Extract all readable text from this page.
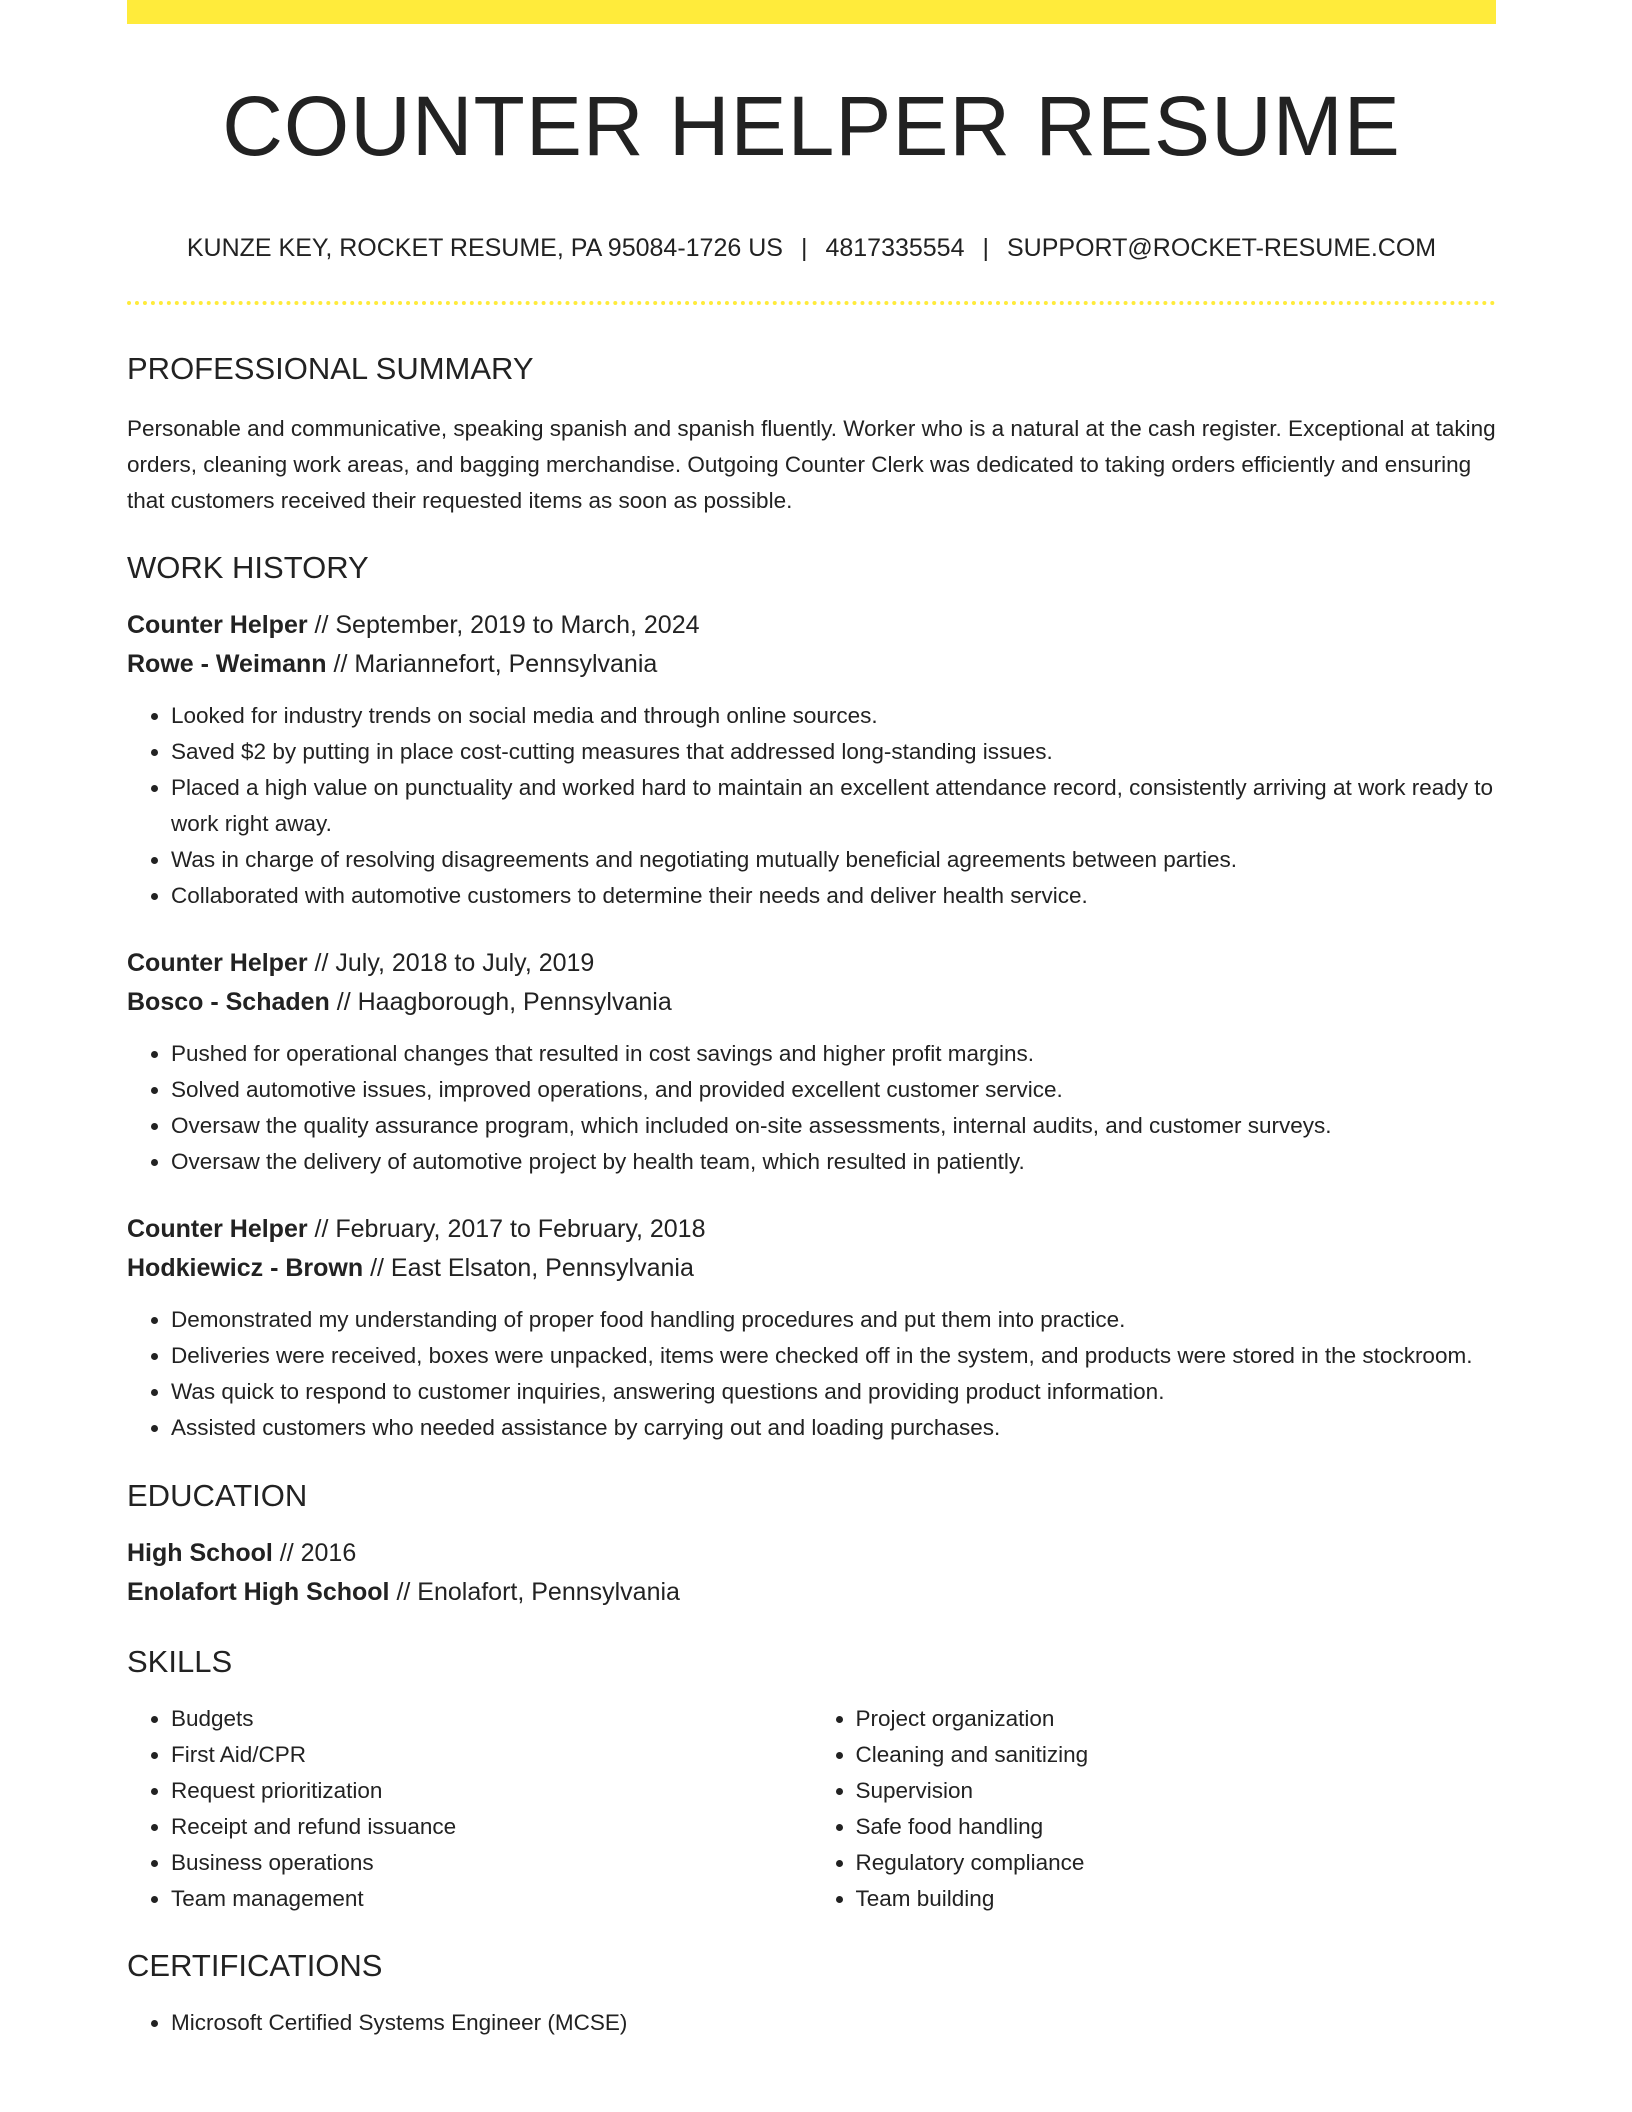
COUNTER HELPER RESUME
KUNZE KEY, ROCKET RESUME, PA 95084-1726 US | 4817335554 | SUPPORT@ROCKET-RESUME.COM
PROFESSIONAL SUMMARY

Personable and communicative, speaking spanish and spanish fluently. Worker who is a natural at the cash register. Exceptional at taking orders, cleaning work areas, and bagging merchandise. Outgoing Counter Clerk was dedicated to taking orders efficiently and ensuring that customers received their requested items as soon as possible.

WORK HISTORY

Counter Helper // September, 2019 to March, 2024

Rowe - Weimann // Mariannefort, Pennsylvania

• Looked for industry trends on social media and through online sources.
• Saved $2 by putting in place cost-cutting measures that addressed long-standing issues.
• Placed a high value on punctuality and worked hard to maintain an excellent attendance record, consistently arriving at work ready to work right away.
• Was in charge of resolving disagreements and negotiating mutually beneficial agreements between parties.
• Collaborated with automotive customers to determine their needs and deliver health service.

Counter Helper // July, 2018 to July, 2019

Bosco - Schaden // Haagborough, Pennsylvania

• Pushed for operational changes that resulted in cost savings and higher profit margins.
• Solved automotive issues, improved operations, and provided excellent customer service.
• Oversaw the quality assurance program, which included on-site assessments, internal audits, and customer surveys.
• Oversaw the delivery of automotive project by health team, which resulted in patiently.

Counter Helper // February, 2017 to February, 2018

Hodkiewicz - Brown // East Elsaton, Pennsylvania

• Demonstrated my understanding of proper food handling procedures and put them into practice.
• Deliveries were received, boxes were unpacked, items were checked off in the system, and products were stored in the stockroom.
• Was quick to respond to customer inquiries, answering questions and providing product information.
• Assisted customers who needed assistance by carrying out and loading purchases.
EDUCATION

High School // 2016

Enolafort High School // Enolafort, Pennsylvania

SKILLS
• Budgets
• First Aid/CPR
• Request prioritization
• Receipt and refund issuance
• Business operations
• Team management
• Project organization
• Cleaning and sanitizing
• Supervision
• Safe food handling
• Regulatory compliance
• Team building
CERTIFICATIONS
• Microsoft Certified Systems Engineer (MCSE)
